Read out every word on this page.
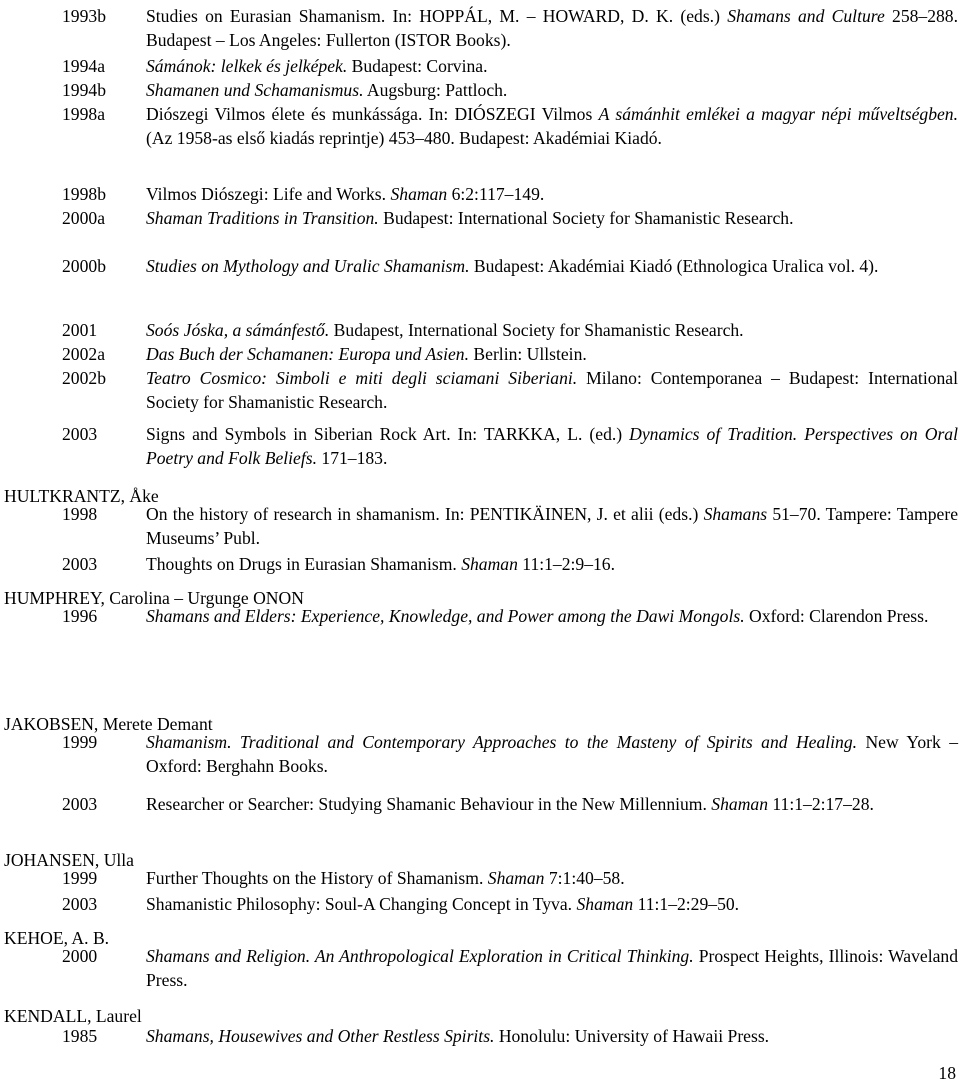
1993b	Studies on Eurasian Shamanism. In: HOPPÁL, M. – HOWARD, D. K. (eds.) Shamans and Culture 258–288. Budapest – Los Angeles: Fullerton (ISTOR Books).
1994a	Sámánok: lelkek és jelképek. Budapest: Corvina.
1994b	Shamanen und Schamanismus. Augsburg: Pattloch.
1998a	Diószegi Vilmos élete és munkássága. In: DIÓSZEGI Vilmos A sámánhit emlékei a magyar népi műveltségben. (Az 1958-as első kiadás reprintje) 453–480. Budapest: Akadémiai Kiadó.
1998b	Vilmos Diószegi: Life and Works. Shaman 6:2:117–149.
2000a	Shaman Traditions in Transition. Budapest: International Society for Shamanistic Research.
2000b	Studies on Mythology and Uralic Shamanism. Budapest: Akadémiai Kiadó (Ethnologica Uralica vol. 4).
2001	Soós Jóska, a sámánfestő. Budapest, International Society for Shamanistic Research.
2002a	Das Buch der Schamanen: Europa und Asien. Berlin: Ullstein.
2002b	Teatro Cosmico: Simboli e miti degli sciamani Siberiani. Milano: Contemporanea – Budapest: International Society for Shamanistic Research.
2003	Signs and Symbols in Siberian Rock Art. In: TARKKA, L. (ed.) Dynamics of Tradition. Perspectives on Oral Poetry and Folk Beliefs. 171–183.
HULTKRANTZ, Åke
1998	On the history of research in shamanism. In: PENTIKÄINEN, J. et alii (eds.) Shamans 51–70. Tampere: Tampere Museums’ Publ.
2003	Thoughts on Drugs in Eurasian Shamanism. Shaman 11:1–2:9–16.
HUMPHREY, Carolina – Urgunge ONON
1996	Shamans and Elders: Experience, Knowledge, and Power among the Dawi Mongols. Oxford: Clarendon Press.
JAKOBSEN, Merete Demant
1999	Shamanism. Traditional and Contemporary Approaches to the Masteny of Spirits and Healing. New York – Oxford: Berghahn Books.
2003	Researcher or Searcher: Studying Shamanic Behaviour in the New Millennium. Shaman 11:1–2:17–28.
JOHANSEN, Ulla
1999	Further Thoughts on the History of Shamanism. Shaman 7:1:40–58.
2003	Shamanistic Philosophy: Soul-A Changing Concept in Tyva. Shaman 11:1–2:29–50.
KEHOE, A. B.
2000	Shamans and Religion. An Anthropological Exploration in Critical Thinking. Prospect Heights, Illinois: Waveland Press.
KENDALL, Laurel
1985	Shamans, Housewives and Other Restless Spirits. Honolulu: University of Hawaii Press.
18
